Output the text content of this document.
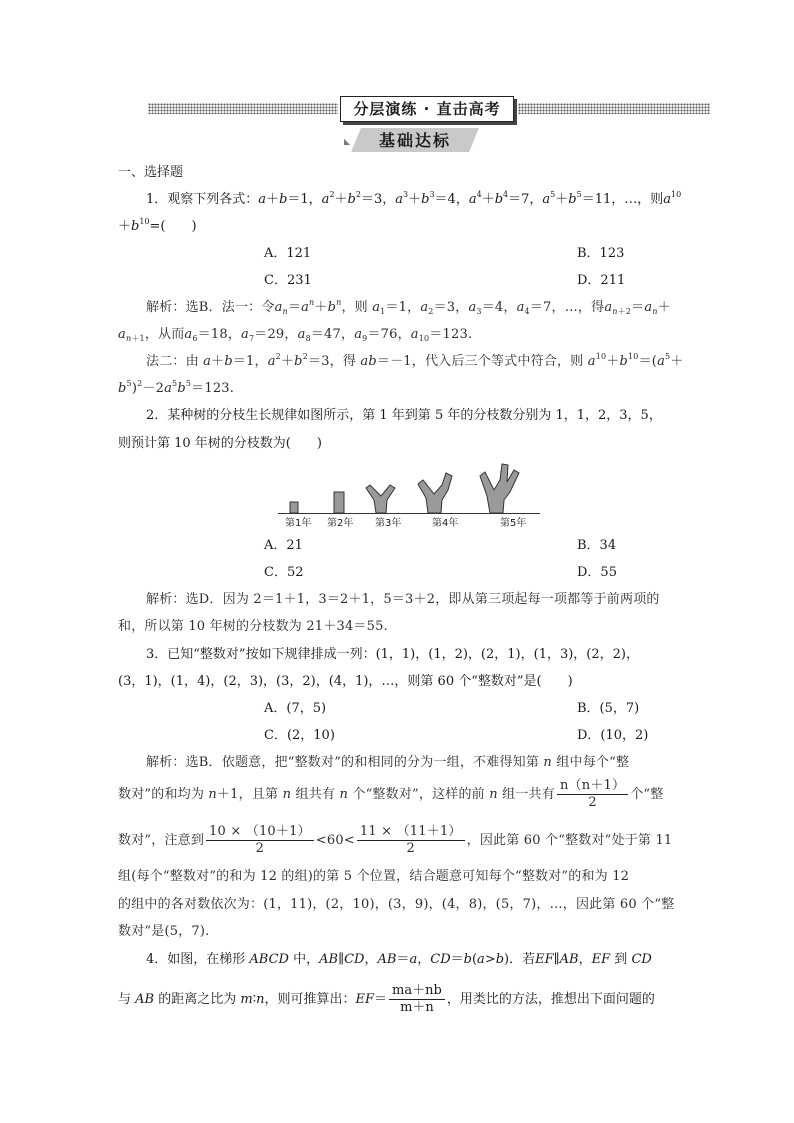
分层演练 · 直击高考
◣	基础达标
一、选择题
1．观察下列各式：a＋b＝1，$a^2+b^2=3$，$a^3+b^3=4$，$a^4+b^4=7$，$a^5+b^5=11$，…，则$a^{10}$
$+b^{10}=$(　　)
A．121	B．123
C．231	D．211
解析：选B．法一：令$a_n=a^n+b^n$，则 $a_1=1$，$a_2=3$，$a_3=4$，$a_4=7$，…，得$a_{n+2}=a_n+$
$a_{n+1}$，从而$a_6=18$，$a_7=29$，$a_8=47$，$a_9=76$，$a_{10}=123$.
法二：由 a＋b＝1，$a^2+b^2=3$，得 ab＝－1，代入后三个等式中符合，则 $a^{10}+b^{10}=(a^5+$
$b^5)^2-2a^5b^5=123$.
2．某种树的分枝生长规律如图所示，第 1 年到第 5 年的分枝数分别为 1，1，2，3，5，
则预计第 10 年树的分枝数为(　　)
第1年 第2年 第3年	第4年	第5年
A．21	B．34
C．52	D．55
解析：选D．因为 2＝1＋1，3＝2＋1，5＝3＋2，即从第三项起每一项都等于前两项的
和，所以第 10 年树的分枝数为 21＋34＝55.
3．已知“整数对”按如下规律排成一列：(1，1)，(1，2)，(2，1)，(1，3)，(2，2)，
(3，1)，(1，4)，(2，3)，(3，2)，(4，1)，…，则第 60 个“整数对”是(　　)
A．(7，5)	B．(5，7)
C．(2，10)	D．(10，2)
解析：选B．依题意，把“整数对”的和相同的分为一组，不难得知第 n 组中每个“整
数对”的和均为 n＋1，且第 n 组共有 n 个“整数对”，这样的前 n 组一共有 $\frac{n(n+1)}{2}$ 个“整
数对”，注意到 $\frac{10 \times (10+1)}{2} <60< \frac{11 \times (11+1)}{2}$ ，因此第 60 个“整数对”处于第 11
组(每个“整数对”的和为 12 的组)的第 5 个位置，结合题意可知每个“整数对”的和为 12
的组中的各对数依次为：(1，11)，(2，10)，(3，9)，(4，8)，(5，7)，…，因此第 60 个“整
数对”是(5，7).
4．如图，在梯形 ABCD 中，AB∥CD，AB＝a，CD＝b(a>b)．若EF∥AB，EF 到 CD
与 AB 的距离之比为 m∶n，则可推算出：$EF= \frac{ma+nb}{m+n}$ ，用类比的方法，推想出下面问题的
